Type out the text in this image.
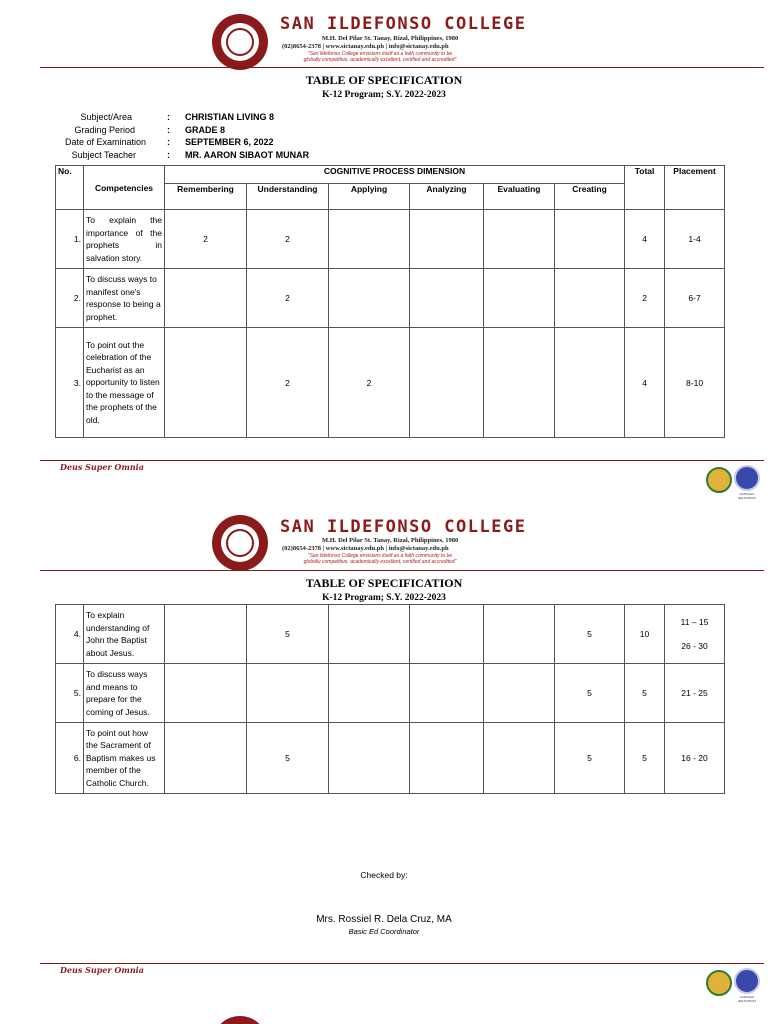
SAN ILDEFONSO COLLEGE
M.H. Del Pilar St. Tanay, Rizal, Philippines, 1980
(02)8654-2378 | www.sictanay.edu.ph | info@sictanay.edu.ph
"San Ildefonso College envisions itself as a faith community to be
globally competitive, academically excellent, certified and accredited"
TABLE OF SPECIFICATION
K-12 Program; S.Y. 2022-2023
Subject/Area	: CHRISTIAN LIVING 8
Grading Period	: GRADE 8
Date of Examination : SEPTEMBER 6, 2022
Subject Teacher	: MR. AARON SIBAOT MUNAR
No.	Competencies	COGNITIVE PROCESS DIMENSION						Total	Placement
		Remembering	Understanding	Applying	Analyzing	Evaluating	Creating		
1.	To explain the importance of the prophets in salvation story.	2	2					4	1-4
2.	To discuss ways to manifest one's response to being a prophet.		2					2	6-7
3.	To point out the celebration of the Eucharist as an opportunity to listen to the message of the prophets of the old.		2	2				4	8-10
Deus Super Omnia
CATHOLIC EDUCATION
SAN ILDEFONSO COLLEGE
M.H. Del Pilar St. Tanay, Rizal, Philippines, 1980
(02)8654-2378 | www.sictanay.edu.ph | info@sictanay.edu.ph
"San Ildefonso College envisions itself as a faith community to be
globally competitive, academically excellent, certified and accredited"
TABLE OF SPECIFICATION
K-12 Program; S.Y. 2022-2023
4.	To explain understanding of John the Baptist about Jesus.		5				5	10	11 – 15
26 - 30

5.	To discuss ways and means to prepare for the coming of Jesus.						5	5	21 - 25
6.	To point out how the Sacrament of Baptism makes us member of the Catholic Church.		5				5	5	16 - 20
Checked by:
Mrs. Rossiel R. Dela Cruz, MA
Basic Ed Coordinator
Deus Super Omnia
CATHOLIC EDUCATION
